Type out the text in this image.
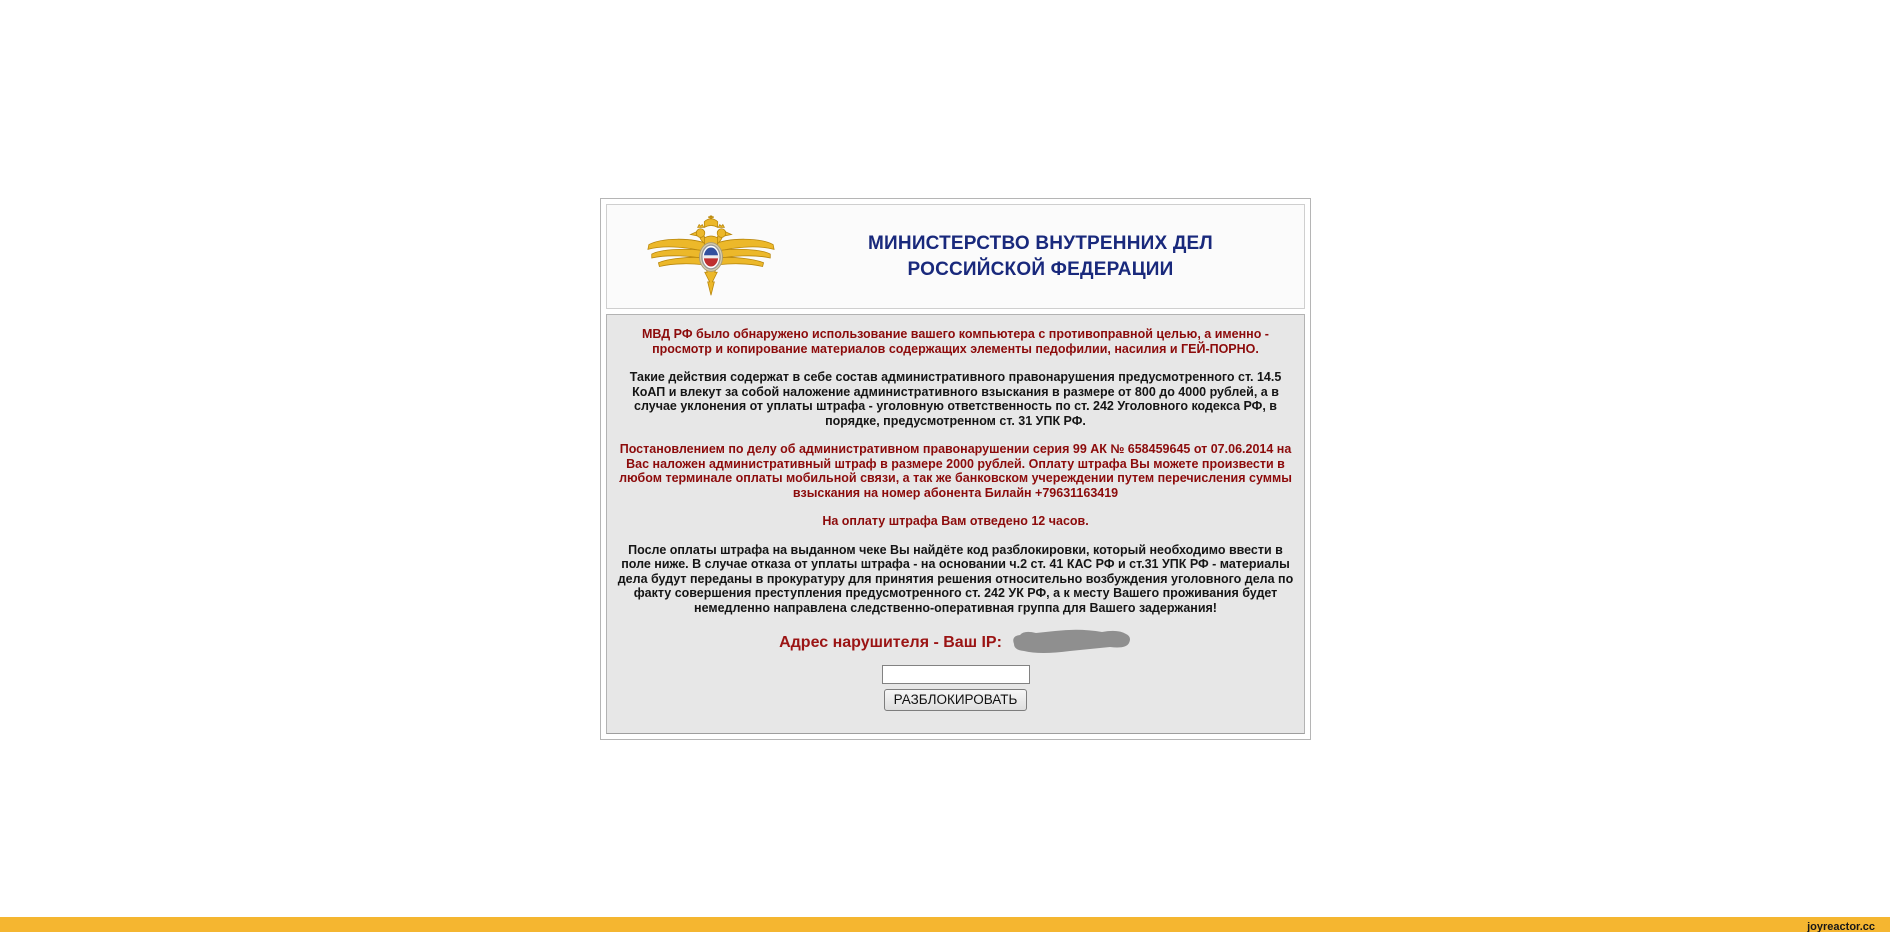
МИНИСТЕРСТВО ВНУТРЕННИХ ДЕЛ
РОССИЙСКОЙ ФЕДЕРАЦИИ

МВД РФ было обнаружено использование вашего компьютера с противоправной целью, а именно - просмотр и копирование материалов содержащих элементы педофилии, насилия и ГЕЙ-ПОРНО.

Такие действия содержат в себе состав административного правонарушения предусмотренного ст. 14.5 КоАП и влекут за собой наложение административного взыскания в размере от 800 до 4000 рублей, а в случае уклонения от уплаты штрафа - уголовную ответственность по ст. 242 Уголовного кодекса РФ, в порядке, предусмотренном ст. 31 УПК РФ.

Постановлением по делу об административном правонарушении серия 99 АК № 658459645 от 07.06.2014 на Вас наложен административный штраф в размере 2000 рублей. Оплату штрафа Вы можете произвести в любом терминале оплаты мобильной связи, а так же банковском учереждении путем перечисления суммы взыскания на номер абонента Билайн +79631163419

На оплату штрафа Вам отведено 12 часов.

После оплаты штрафа на выданном чеке Вы найдёте код разблокировки, который необходимо ввести в поле ниже. В случае отказа от уплаты штрафа - на основании ч.2 ст. 41 КАС РФ и ст.31 УПК РФ - материалы дела будут переданы в прокуратуру для принятия решения относительно возбуждения уголовного дела по факту совершения преступления предусмотренного ст. 242 УК РФ, а к месту Вашего проживания будет немедленно направлена следственно-оперативная группа для Вашего задержания!

Адрес нарушителя - Ваш IP:
РАЗБЛОКИРОВАТЬ
joyreactor.cc
